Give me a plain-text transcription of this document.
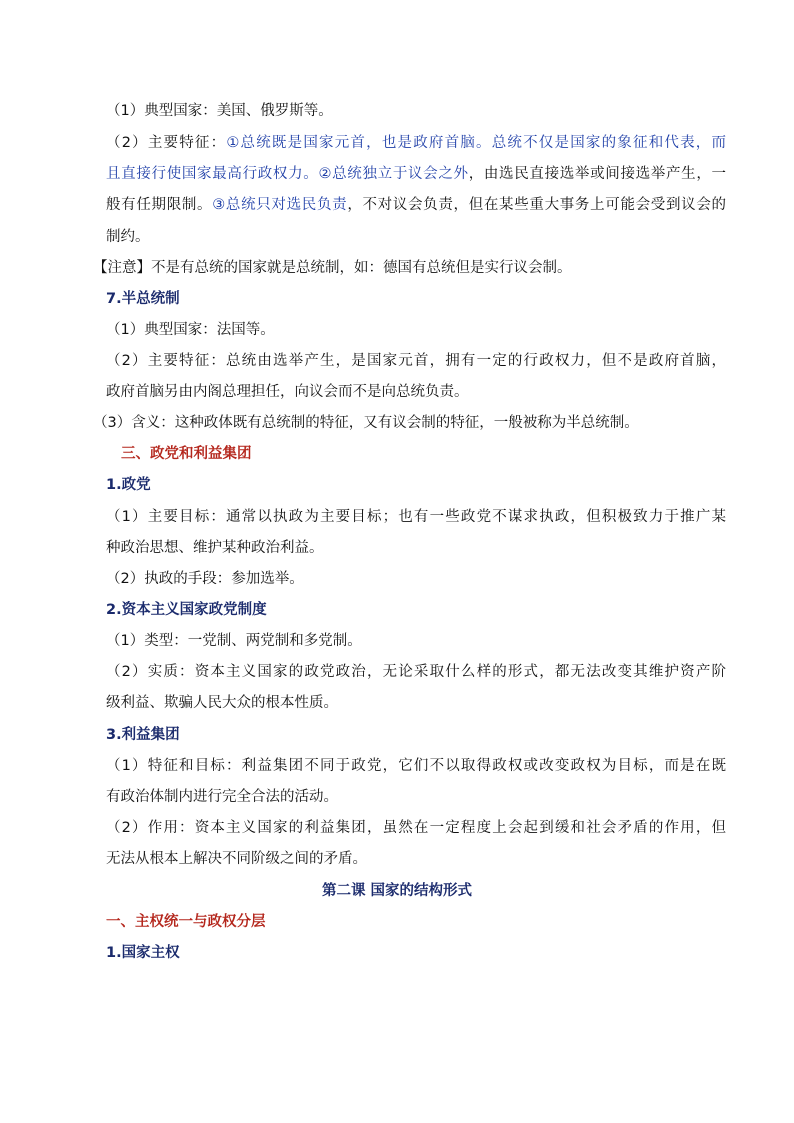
（1）典型国家：美国、俄罗斯等。
（2）主要特征：①总统既是国家元首，也是政府首脑。总统不仅是国家的象征和代表，而
且直接行使国家最高行政权力。②总统独立于议会之外，由选民直接选举或间接选举产生，一
般有任期限制。③总统只对选民负责，不对议会负责，但在某些重大事务上可能会受到议会的
制约。
【注意】不是有总统的国家就是总统制，如：德国有总统但是实行议会制。
7.半总统制
（1）典型国家：法国等。
（2）主要特征：总统由选举产生，是国家元首，拥有一定的行政权力，但不是政府首脑，
政府首脑另由内阁总理担任，向议会而不是向总统负责。
（3）含义：这种政体既有总统制的特征，又有议会制的特征，一般被称为半总统制。
三、政党和利益集团
1.政党
（1）主要目标：通常以执政为主要目标；也有一些政党不谋求执政，但积极致力于推广某
种政治思想、维护某种政治利益。
（2）执政的手段：参加选举。
2.资本主义国家政党制度
（1）类型：一党制、两党制和多党制。
（2）实质：资本主义国家的政党政治，无论采取什么样的形式，都无法改变其维护资产阶
级利益、欺骗人民大众的根本性质。
3.利益集团
（1）特征和目标：利益集团不同于政党，它们不以取得政权或改变政权为目标，而是在既
有政治体制内进行完全合法的活动。
（2）作用：资本主义国家的利益集团，虽然在一定程度上会起到缓和社会矛盾的作用，但
无法从根本上解决不同阶级之间的矛盾。
第二课 国家的结构形式
一、主权统一与政权分层
1.国家主权
